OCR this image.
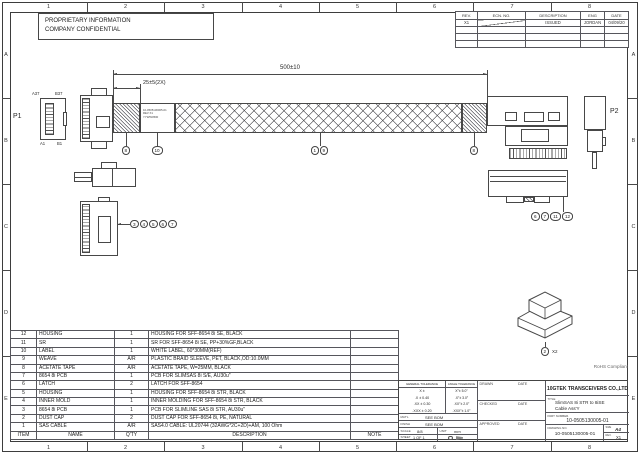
1	2	3	4	5	6	7	8
1	2	3	4	5	6	7	8
A
B
C
D
E
A
B
C
D
E
PROPRIETARY INFORMATION
COMPANY CONFIDENTIAL
REV.	ECN. NO.	DESCRIPTION	ENG	DATE
X1		ISSUED	JORDAN	04/09/20

A37	B37
A1	B1
P1
10-0505130005-01
REV X1
YYWW0500
P2
500±10
25±5(2X)
8	10	1	9	8
3	4	5	6	7
6	7	11	12
2	X2
RoHS Compliant
12	HOUSING	1	HOUSING FOR SFF-8654 8i SE, BLACK	
11	SR	1	SR FOR SFF-8654 8i SE, PP+30%GF,BLACK	
10	LABEL	1	WHITE LABEL, 60*30MM(REF)	
9	WEAVE	A/R	PLASTIC BRAID SLEEVE, PET, BLACK,OD:10.0MM	
8	ACETATE TAPE	A/R	ACETATE TAPE, W=25MM, BLACK	
7	8654 8i PCB	1	PCB FOR SLIMSAS 8i S/E, AU30u"	
6	LATCH	2	LATCH FOR SFF-8654	
5	HOUSING	1	HOUSING FOR SFF-8654 8i STR, BLACK	
4	INNER MOLD	1	INNER MOLDING FOR SFF-8654 8i STR, BLACK	
3	8654 8i PCB	1	PCB FOR SLIMLINE SAS 8i STR, AU30u"	
2	DUST CAP	2	DUST CAP FOR SFF-8654 8i, PE, NATURAL	
1	SAS CABLE	A/R	SAS4.0 CABLE: UL20744 (32AWG*2C+2D)+AM, 100 Ohm	
ITEM	NAME	Q'TY	DESCRIPTION	NOTE
GENERAL TOLERANCE	ANGLE TOLERANCE
X ±	X°± 5.0°
.X ± 0.40	.X°± 3.0°
.XX ± 0.30	.XX°± 2.0°
.XXX ± 0.20	.XXX°± 1.0°
MAT'L	SEE BOM
FINISH	SEE BOM
SCALE 8/8	UNIT mm
SHEET 1 OF 1
DRAWN	DATE
CHECKED	DATE
APPROVED	DATE
10GTEK TRANSCEIVERS CO.,LTD
TITLE
SlimSAS 8i STR to 8iSE
Cable Ass'Y
PART NUMBER.
10-0505130005-01
DRAWING NO.
10-0505130005-01
SIZE A4
REV. X1
